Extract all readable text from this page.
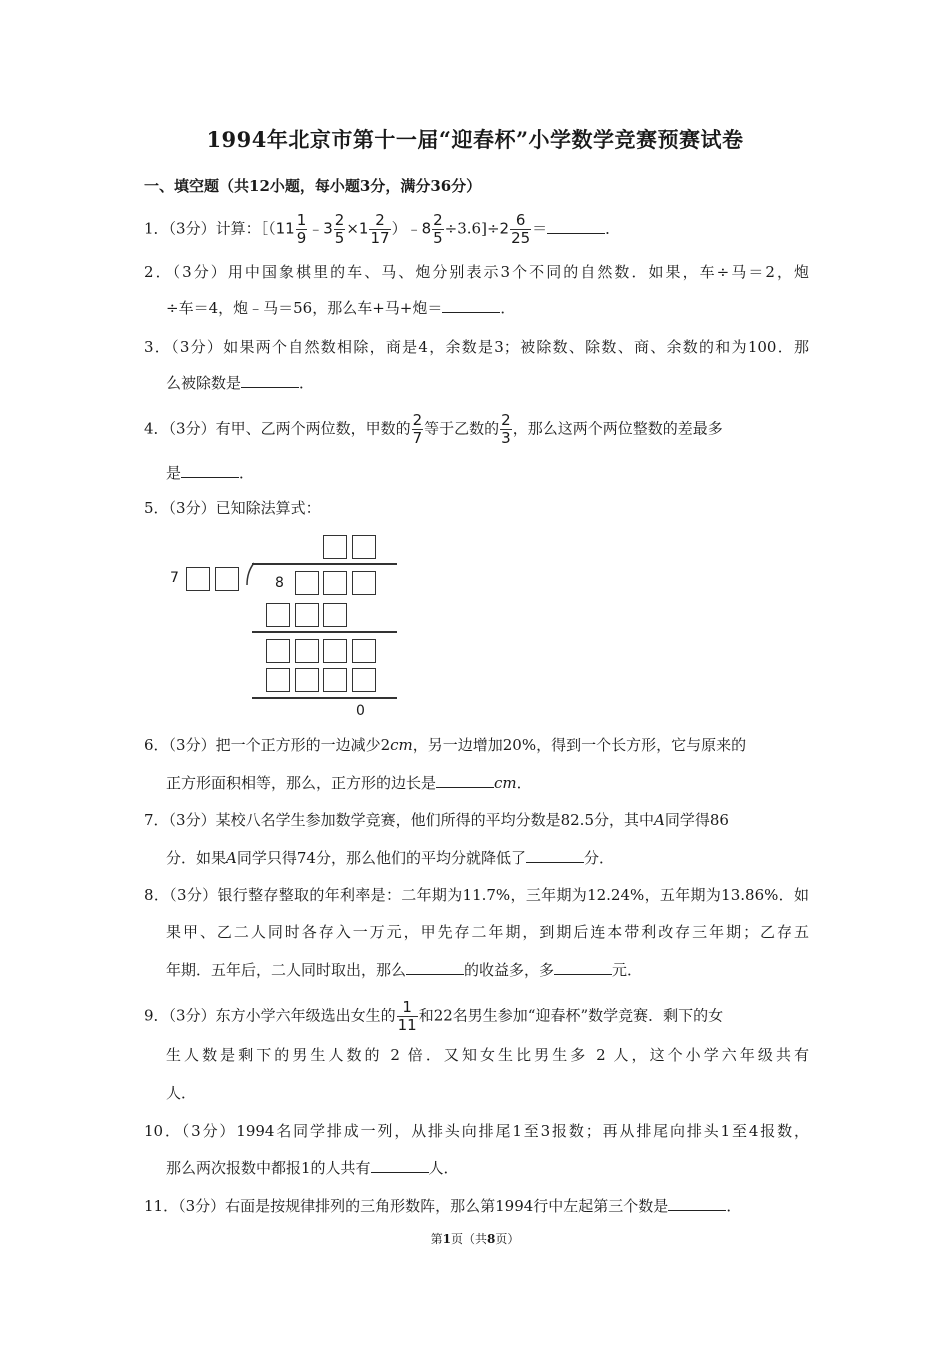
1994年北京市第十一届“迎春杯”小学数学竞赛预赛试卷
一、填空题（共12小题，每小题3分，满分36分）
1．（3分）计算：［（11 $\frac{1}{9}$ ﹣3 $\frac{2}{5} \times 1 \frac{2}{17}$ ）﹣8 $\frac{2}{5} \div 3.6]\div 2 \frac{6}{25}$ ＝	．
2．（3分）用中国象棋里的车、马、炮分别表示3个不同的自然数．如果，车÷马＝2，炮
÷车＝4，炮﹣马＝56，那么车+马+炮＝	．
3．（3分）如果两个自然数相除，商是4，余数是3；被除数、除数、商、余数的和为100．那
么被除数是	．
4．（3分）有甲、乙两个两位数，甲数的 $\frac{2}{7}$ 等于乙数的 $\frac{2}{3}$ ，那么这两个两位整数的差最多
是	．
5．（3分）已知除法算式：
7	8
0
6．（3分）把一个正方形的一边减少2cm，另一边增加20%，得到一个长方形，它与原来的
正方形面积相等，那么，正方形的边长是	cm．
7．（3分）某校八名学生参加数学竞赛，他们所得的平均分数是82.5分，其中A同学得86
分．如果A同学只得74分，那么他们的平均分就降低了	分．
8．（3分）银行整存整取的年利率是：二年期为11.7%，三年期为12.24%，五年期为13.86%．如
果甲、乙二人同时各存入一万元，甲先存二年期，到期后连本带利改存三年期；乙存五
年期．五年后，二人同时取出，那么	的收益多，多	元．
9．（3分）东方小学六年级选出女生的 $\frac{1}{11}$ 和22名男生参加“迎春杯”数学竞赛．剩下的女
生人数是剩下的男生人数的 2 倍．又知女生比男生多 2 人，这个小学六年级共有
人．
10．（3分）1994名同学排成一列，从排头向排尾1至3报数；再从排尾向排头1至4报数，
那么两次报数中都报1的人共有	人．
11．（3分）右面是按规律排列的三角形数阵，那么第1994行中左起第三个数是	．
第1页（共8页）
